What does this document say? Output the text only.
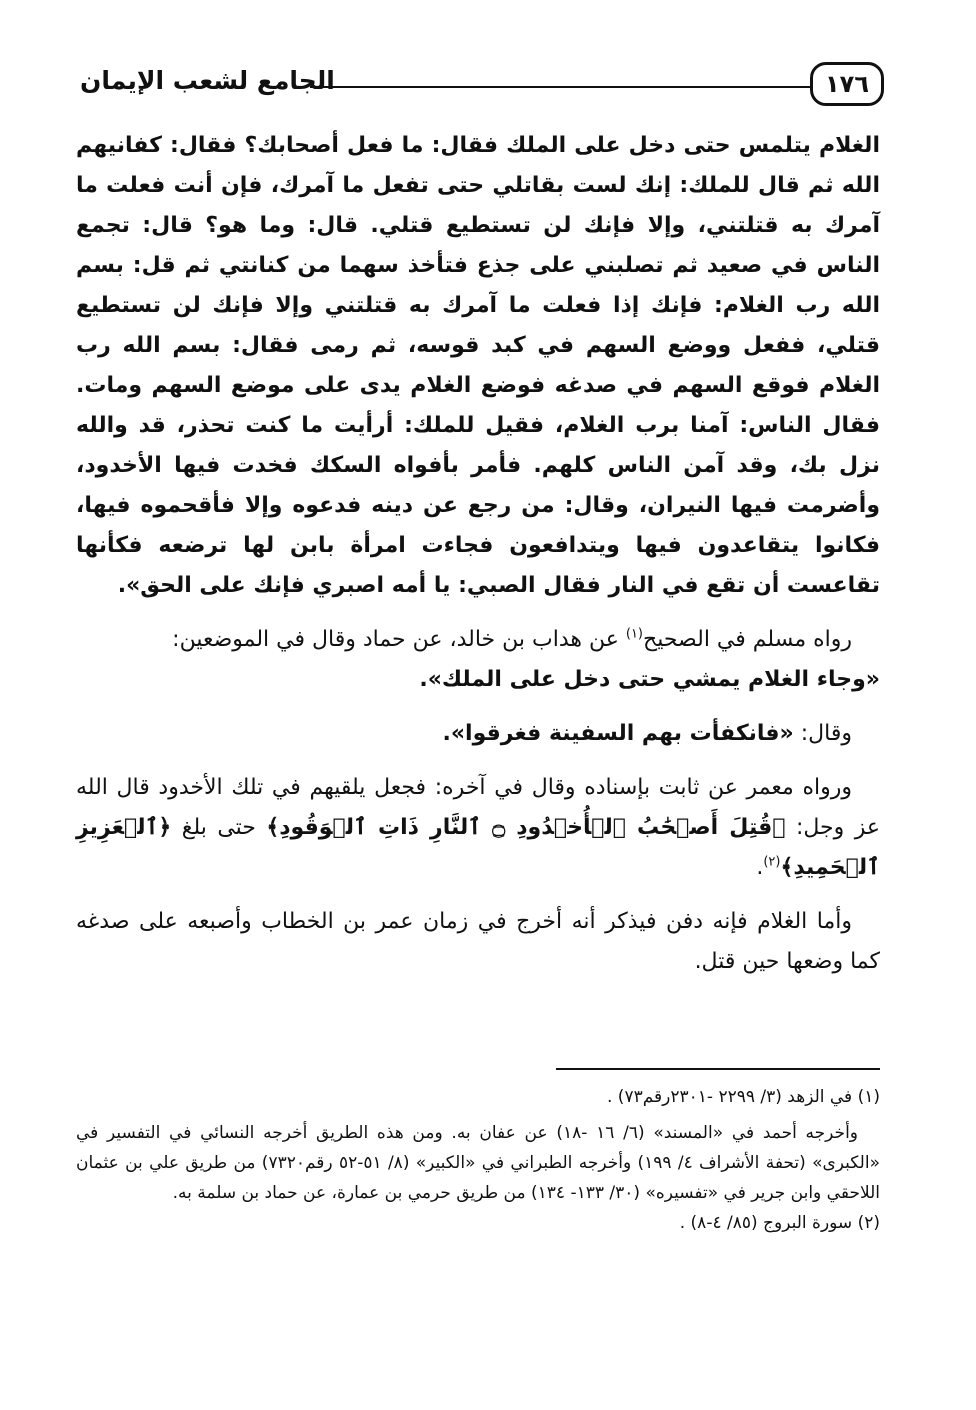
١٧٦
الجامع لشعب الإيمان

الغلام يتلمس حتى دخل على الملك فقال: ما فعل أصحابك؟ فقال: كفانيهم الله ثم قال للملك: إنك لست بقاتلي حتى تفعل ما آمرك، فإن أنت فعلت ما آمرك به قتلتني، وإلا فإنك لن تستطيع قتلي. قال: وما هو؟ قال: تجمع الناس في صعيد ثم تصلبني على جذع فتأخذ سهما من كنانتي ثم قل: بسم الله رب الغلام: فإنك إذا فعلت ما آمرك به قتلتني وإلا فإنك لن تستطيع قتلي، ففعل ووضع السهم في كبد قوسه، ثم رمى فقال: بسم الله رب الغلام فوقع السهم في صدغه فوضع الغلام يدى على موضع السهم ومات. فقال الناس: آمنا برب الغلام، فقيل للملك: أرأيت ما كنت تحذر، قد والله نزل بك، وقد آمن الناس كلهم. فأمر بأفواه السكك فخدت فيها الأخدود، وأضرمت فيها النيران، وقال: من رجع عن دينه فدعوه وإلا فأقحموه فيها، فكانوا يتقاعدون فيها ويتدافعون فجاءت امرأة بابن لها ترضعه فكأنها تقاعست أن تقع في النار فقال الصبي: يا أمه اصبري فإنك على الحق».

رواه مسلم في الصحيح$^{(١)}$ عن هداب بن خالد، عن حماد وقال في الموضعين:
«وجاء الغلام يمشي حتى دخل على الملك».

وقال: «فانكفأت بهم السفينة فغرقوا».

ورواه معمر عن ثابت بإسناده وقال في آخره: فجعل يلقيهم في تلك الأخدود قال الله عز وجل: ﴿قُتِلَ أَصۡحَٰبُ ٱلۡأُخۡدُودِ ۝ ٱلنَّارِ ذَاتِ ٱلۡوَقُودِ﴾ حتى بلغ ﴿ٱلۡعَزِيزِ ٱلۡحَمِيدِ﴾$^{(٢)}$.

وأما الغلام فإنه دفن فيذكر أنه أخرج في زمان عمر بن الخطاب وأصبعه على صدغه كما وضعها حين قتل.

(١) في الزهد (٣/ ٢٢٩٩ -٢٣٠١رقم٧٣) .

وأخرجه أحمد في «المسند» (٦/ ١٦ -١٨) عن عفان به. ومن هذه الطريق أخرجه النسائي في التفسير في «الكبرى» (تحفة الأشراف ٤/ ١٩٩) وأخرجه الطبراني في «الكبير» (٨/ ٥١-٥٢ رقم٧٣٢٠) من طريق علي بن عثمان اللاحقي وابن جرير في «تفسيره» (٣٠/ ١٣٣- ١٣٤) من طريق حرمي بن عمارة، عن حماد بن سلمة به.

(٢) سورة البروج (٨٥/ ٤-٨) .
